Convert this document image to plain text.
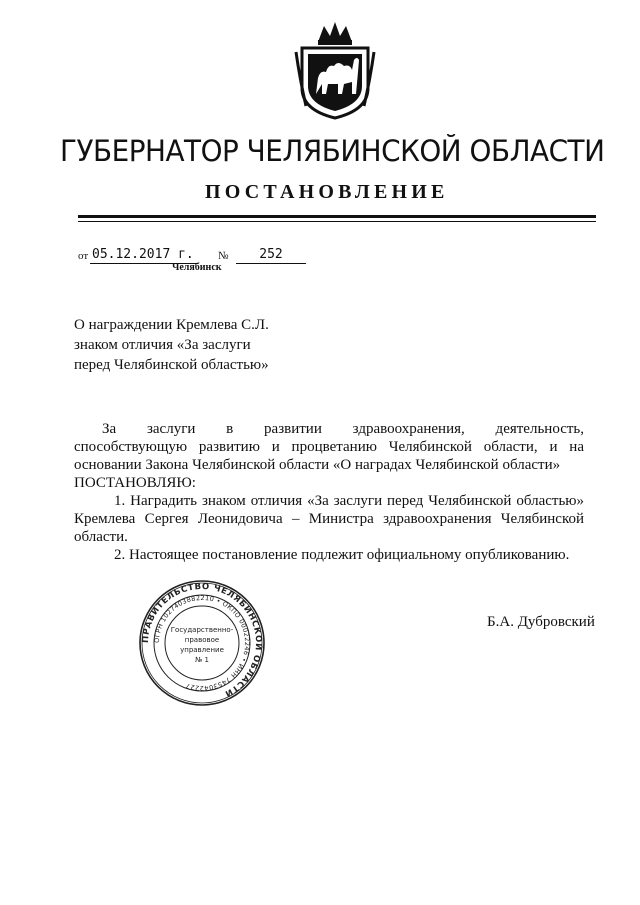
ГУБЕРНАТОР ЧЕЛЯБИНСКОЙ ОБЛАСТИ
ПОСТАНОВЛЕНИЕ
от 05.12.2017 г. №	252
Челябинск
О награждении Кремлева С.Л.
знаком отличия «За заслуги
перед Челябинской областью»

За заслуги в развитии здравоохранения, деятельность,

способствующую развитию и процветанию Челябинской области, и на основании Закона Челябинской области «О наградах Челябинской области»

ПОСТАНОВЛЯЮ:

1. Наградить знаком отличия «За заслуги перед Челябинской областью» Кремлева Сергея Леонидовича – Министра здравоохранения Челябинской области.

2. Настоящее постановление подлежит официальному опубликованию.

Б.А. Дубровский
ПРАВИТЕЛЬСТВО ЧЕЛЯБИНСКОЙ ОБЛАСТИ
ОГРН 1027403882210 • ОКПО 00022246 • ИНН 7453042227
Государственно-
правовое
управление
№ 1
